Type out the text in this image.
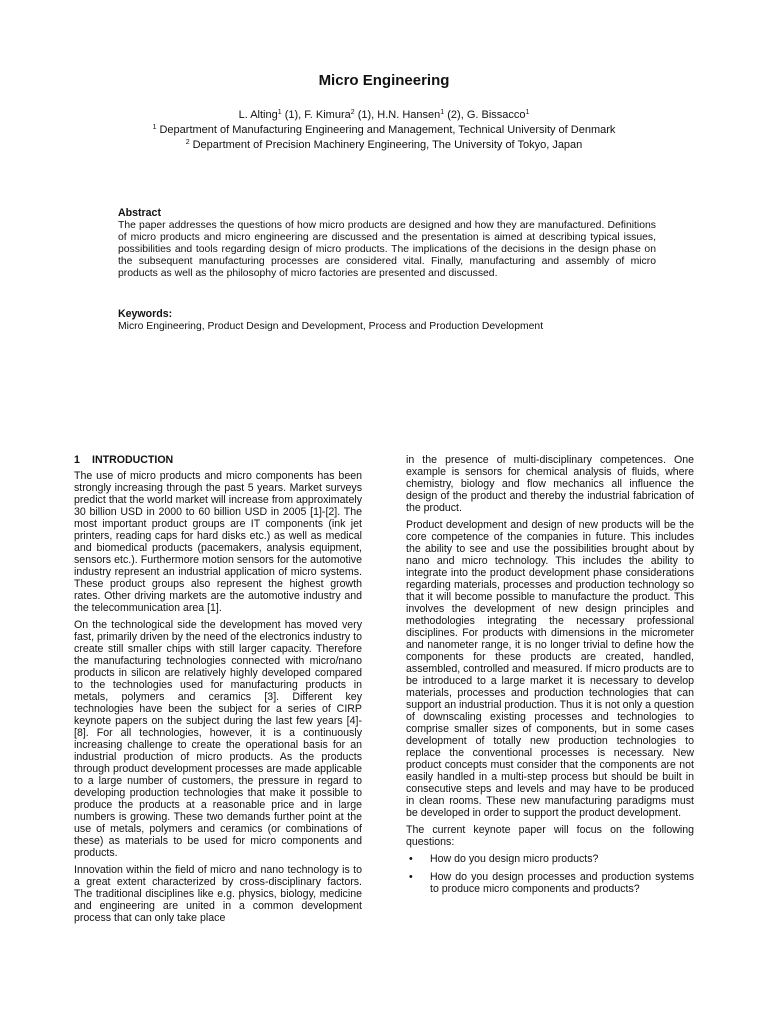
Micro Engineering
L. Alting$^1$ (1), F. Kimura$^2$ (1), H.N. Hansen$^1$ (2), G. Bissacco$^1$
$^1$ Department of Manufacturing Engineering and Management, Technical University of Denmark
$^2$ Department of Precision Machinery Engineering, The University of Tokyo, Japan
Abstract

The paper addresses the questions of how micro products are designed and how they are manufactured. Definitions of micro products and micro engineering are discussed and the presentation is aimed at describing typical issues, possibilities and tools regarding design of micro products. The implications of the decisions in the design phase on the subsequent manufacturing processes are considered vital. Finally, manufacturing and assembly of micro products as well as the philosophy of micro factories are presented and discussed.

Keywords:

Micro Engineering, Product Design and Development, Process and Production Development

1 INTRODUCTION

The use of micro products and micro components has been strongly increasing through the past 5 years. Market surveys predict that the world market will increase from approximately 30 billion USD in 2000 to 60 billion USD in 2005 [1]-[2]. The most important product groups are IT components (ink jet printers, reading caps for hard disks etc.) as well as medical and biomedical products (pacemakers, analysis equipment, sensors etc.). Furthermore motion sensors for the automotive industry represent an industrial application of micro systems. These product groups also represent the highest growth rates. Other driving markets are the automotive industry and the telecommunication area [1].

On the technological side the development has moved very fast, primarily driven by the need of the electronics industry to create still smaller chips with still larger capacity. Therefore the manufacturing technologies connected with micro/nano products in silicon are relatively highly developed compared to the technologies used for manufacturing products in metals, polymers and ceramics [3]. Different key technologies have been the subject for a series of CIRP keynote papers on the subject during the last few years [4]-[8]. For all technologies, however, it is a continuously increasing challenge to create the operational basis for an industrial production of micro products. As the products through product development processes are made applicable to a large number of customers, the pressure in regard to developing production technologies that make it possible to produce the products at a reasonable price and in large numbers is growing. These two demands further point at the use of metals, polymers and ceramics (or combinations of these) as materials to be used for micro components and products.

Innovation within the field of micro and nano technology is to a great extent characterized by cross-disciplinary factors. The traditional disciplines like e.g. physics, biology, medicine and engineering are united in a common development process that can only take place

in the presence of multi-disciplinary competences. One example is sensors for chemical analysis of fluids, where chemistry, biology and flow mechanics all influence the design of the product and thereby the industrial fabrication of the product.

Product development and design of new products will be the core competence of the companies in future. This includes the ability to see and use the possibilities brought about by nano and micro technology. This includes the ability to integrate into the product development phase considerations regarding materials, processes and production technology so that it will become possible to manufacture the product. This involves the development of new design principles and methodologies integrating the necessary professional disciplines. For products with dimensions in the micrometer and nanometer range, it is no longer trivial to define how the components for these products are created, handled, assembled, controlled and measured. If micro products are to be introduced to a large market it is necessary to develop materials, processes and production technologies that can support an industrial production. Thus it is not only a question of downscaling existing processes and technologies to comprise smaller sizes of components, but in some cases development of totally new production technologies to replace the conventional processes is necessary. New product concepts must consider that the components are not easily handled in a multi-step process but should be built in consecutive steps and levels and may have to be produced in clean rooms. These new manufacturing paradigms must be developed in order to support the product development.

The current keynote paper will focus on the following questions:

• How do you design micro products?
• How do you design processes and production systems to produce micro components and products?
